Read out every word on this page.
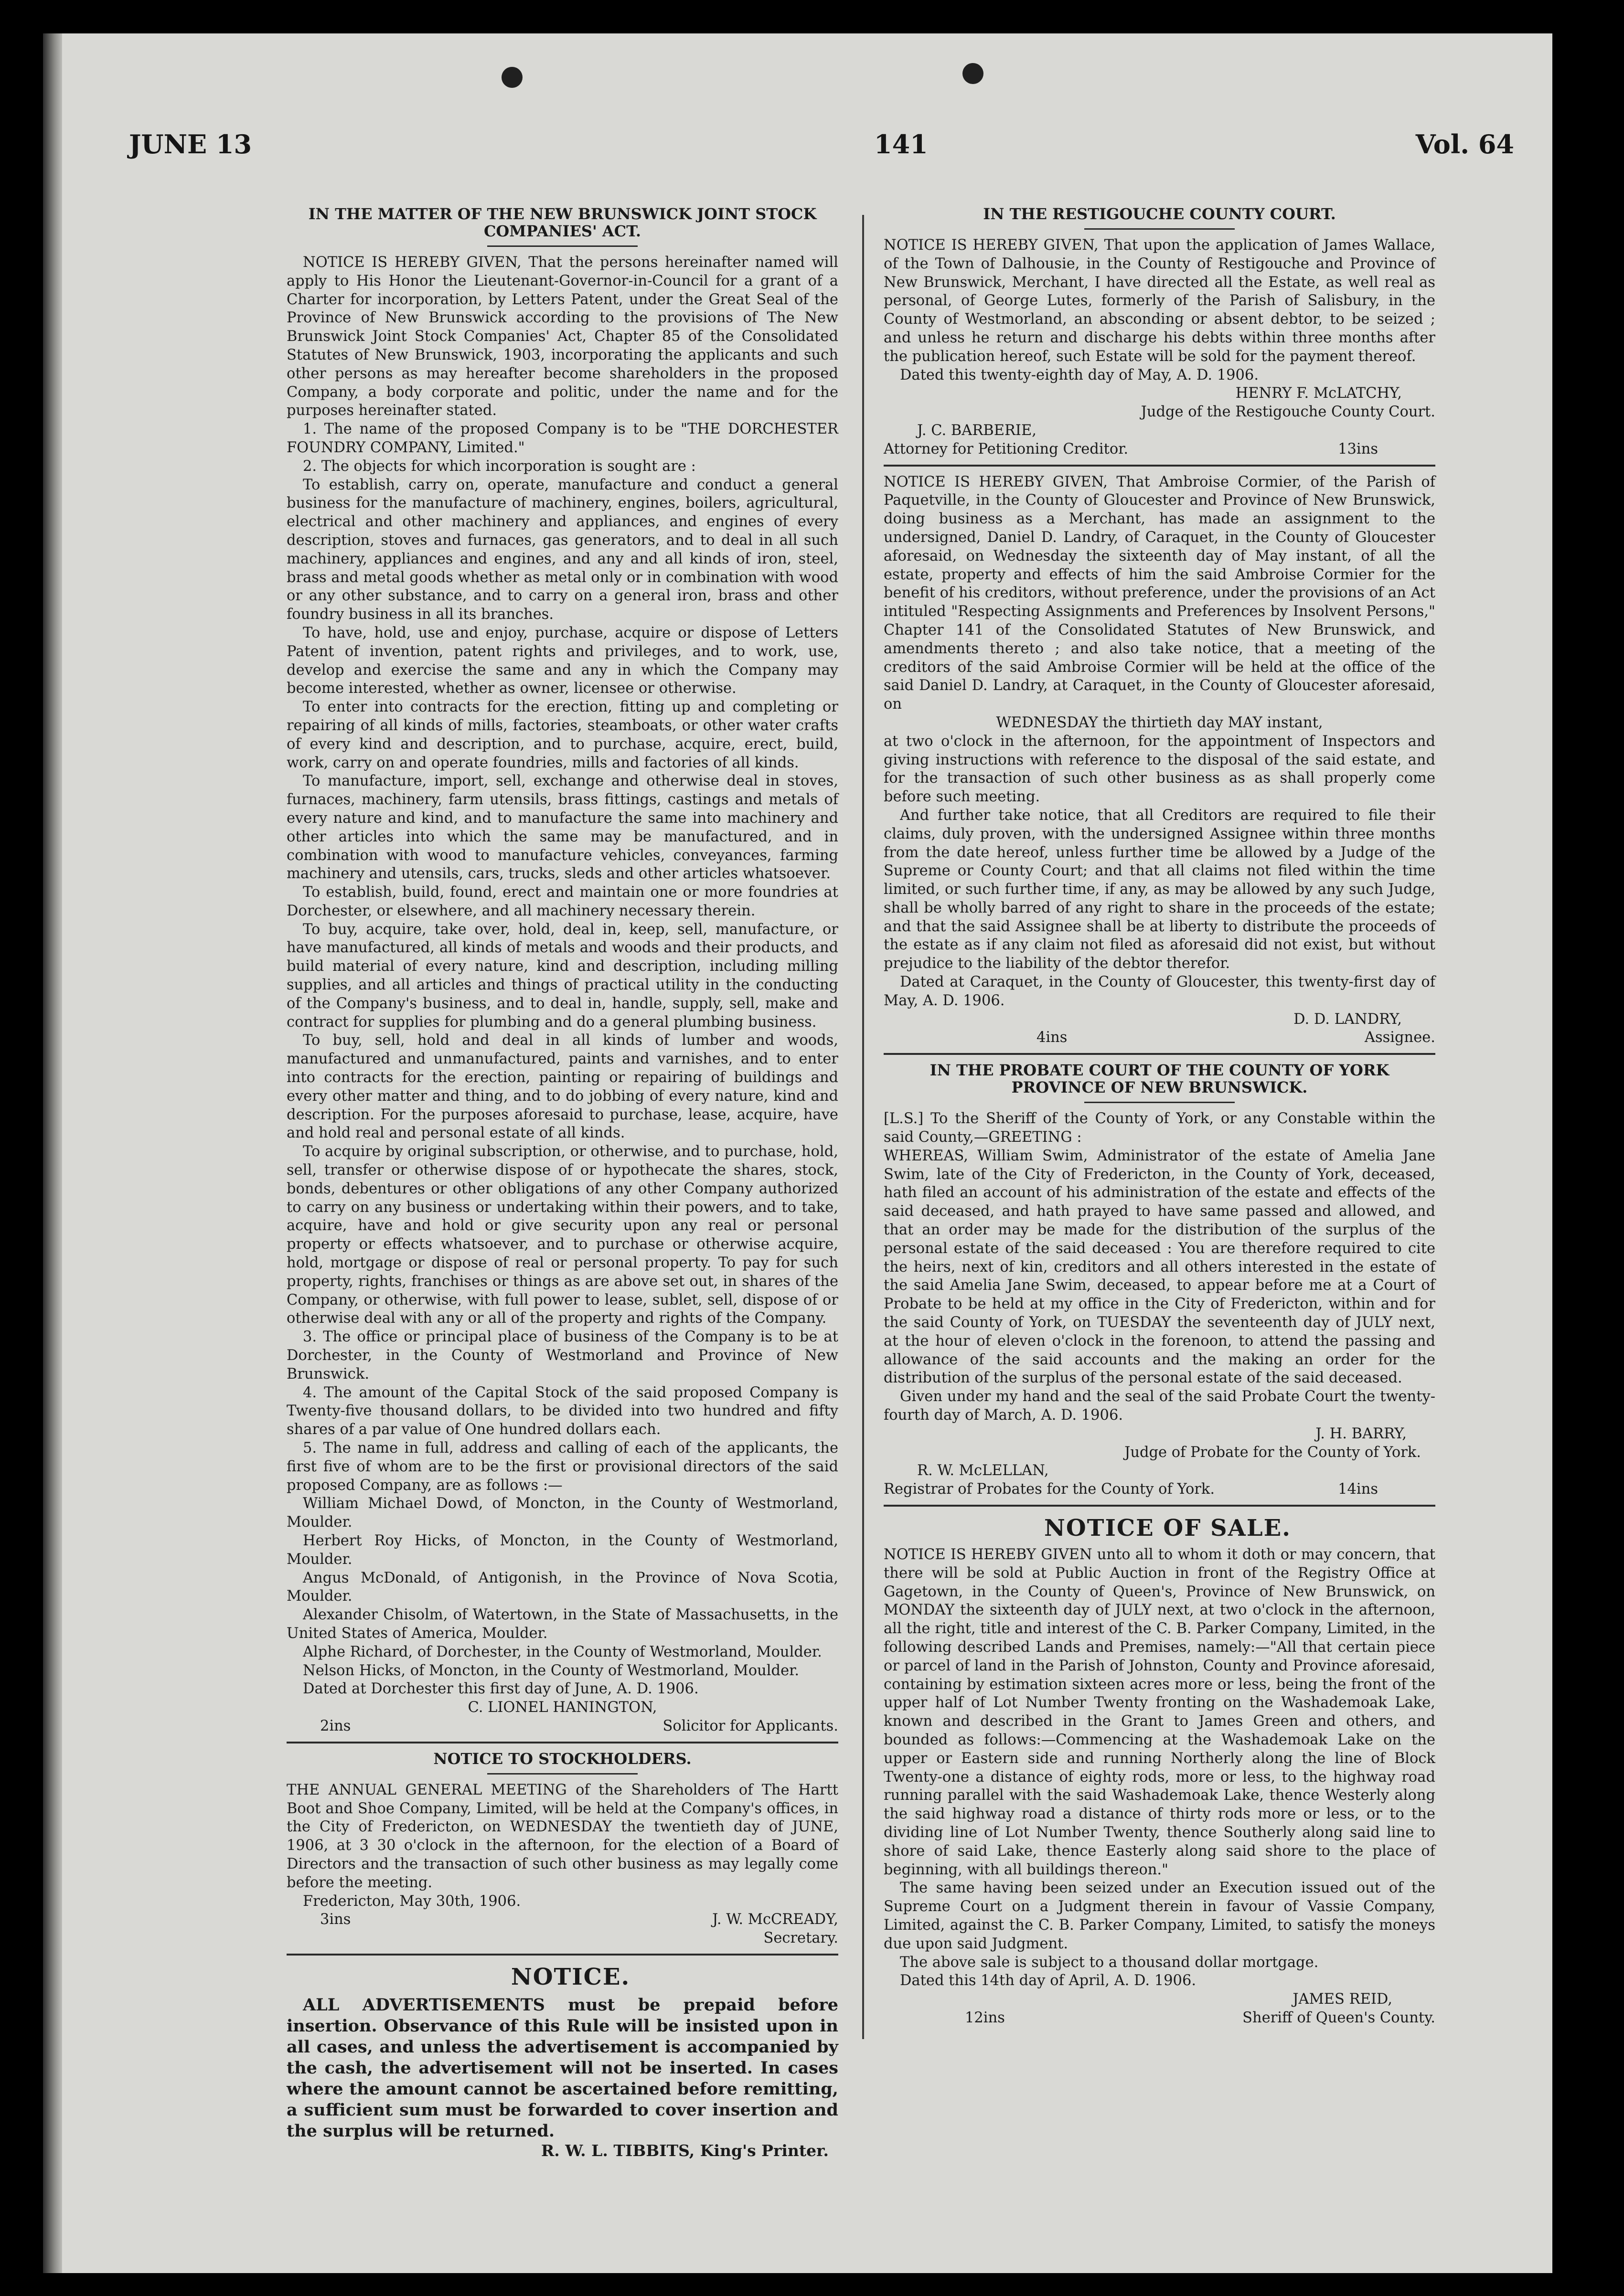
JUNE 13	141	Vol. 64

IN THE MATTER OF THE NEW BRUNSWICK JOINT STOCK COMPANIES' ACT.

NOTICE IS HEREBY GIVEN, That the persons hereinafter named will apply to His Honor the Lieutenant-Governor-in-Council for a grant of a Charter for incorporation, by Letters Patent, under the Great Seal of the Province of New Brunswick according to the provisions of The New Brunswick Joint Stock Companies' Act, Chapter 85 of the Consolidated Statutes of New Brunswick, 1903, incorporating the applicants and such other persons as may hereafter become shareholders in the proposed Company, a body corporate and politic, under the name and for the purposes hereinafter stated.

1. The name of the proposed Company is to be "THE DORCHESTER FOUNDRY COMPANY, Limited."

2. The objects for which incorporation is sought are :

To establish, carry on, operate, manufacture and conduct a general business for the manufacture of machinery, engines, boilers, agricultural, electrical and other machinery and appliances, and engines of every description, stoves and furnaces, gas generators, and to deal in all such machinery, appliances and engines, and any and all kinds of iron, steel, brass and metal goods whether as metal only or in combination with wood or any other substance, and to carry on a general iron, brass and other foundry business in all its branches.

To have, hold, use and enjoy, purchase, acquire or dispose of Letters Patent of invention, patent rights and privileges, and to work, use, develop and exercise the same and any in which the Company may become interested, whether as owner, licensee or otherwise.

To enter into contracts for the erection, fitting up and completing or repairing of all kinds of mills, factories, steamboats, or other water crafts of every kind and description, and to purchase, acquire, erect, build, work, carry on and operate foundries, mills and factories of all kinds.

To manufacture, import, sell, exchange and otherwise deal in stoves, furnaces, machinery, farm utensils, brass fittings, castings and metals of every nature and kind, and to manufacture the same into machinery and other articles into which the same may be manufactured, and in combination with wood to manufacture vehicles, conveyances, farming machinery and utensils, cars, trucks, sleds and other articles whatsoever.

To establish, build, found, erect and maintain one or more foundries at Dorchester, or elsewhere, and all machinery necessary therein.

To buy, acquire, take over, hold, deal in, keep, sell, manufacture, or have manufactured, all kinds of metals and woods and their products, and build material of every nature, kind and description, including milling supplies, and all articles and things of practical utility in the conducting of the Company's business, and to deal in, handle, supply, sell, make and contract for supplies for plumbing and do a general plumbing business.

To buy, sell, hold and deal in all kinds of lumber and woods, manufactured and unmanufactured, paints and varnishes, and to enter into contracts for the erection, painting or repairing of buildings and every other matter and thing, and to do jobbing of every nature, kind and description. For the purposes aforesaid to purchase, lease, acquire, have and hold real and personal estate of all kinds.

To acquire by original subscription, or otherwise, and to purchase, hold, sell, transfer or otherwise dispose of or hypothecate the shares, stock, bonds, debentures or other obligations of any other Company authorized to carry on any business or undertaking within their powers, and to take, acquire, have and hold or give security upon any real or personal property or effects whatsoever, and to purchase or otherwise acquire, hold, mortgage or dispose of real or personal property. To pay for such property, rights, franchises or things as are above set out, in shares of the Company, or otherwise, with full power to lease, sublet, sell, dispose of or otherwise deal with any or all of the property and rights of the Company.

3. The office or principal place of business of the Company is to be at Dorchester, in the County of Westmorland and Province of New Brunswick.

4. The amount of the Capital Stock of the said proposed Company is Twenty-five thousand dollars, to be divided into two hundred and fifty shares of a par value of One hundred dollars each.

5. The name in full, address and calling of each of the applicants, the first five of whom are to be the first or provisional directors of the said proposed Company, are as follows :—

William Michael Dowd, of Moncton, in the County of Westmorland, Moulder.

Herbert Roy Hicks, of Moncton, in the County of Westmorland, Moulder.

Angus McDonald, of Antigonish, in the Province of Nova Scotia, Moulder.

Alexander Chisolm, of Watertown, in the State of Massachusetts, in the United States of America, Moulder.

Alphe Richard, of Dorchester, in the County of Westmorland, Moulder.

Nelson Hicks, of Moncton, in the County of Westmorland, Moulder.

Dated at Dorchester this first day of June, A. D. 1906.

C. LIONEL HANINGTON,

2ins	Solicitor for Applicants.

NOTICE TO STOCKHOLDERS.

THE ANNUAL GENERAL MEETING of the Shareholders of The Hartt Boot and Shoe Company, Limited, will be held at the Company's offices, in the City of Fredericton, on WEDNESDAY the twentieth day of JUNE, 1906, at 3 30 o'clock in the afternoon, for the election of a Board of Directors and the transaction of such other business as may legally come before the meeting.

Fredericton, May 30th, 1906.

3ins	J. W. McCREADY,

Secretary.

NOTICE.

ALL ADVERTISEMENTS must be prepaid before insertion. Observance of this Rule will be insisted upon in all cases, and unless the advertisement is accompanied by the cash, the advertisement will not be inserted. In cases where the amount cannot be ascertained before remitting, a sufficient sum must be forwarded to cover insertion and the surplus will be returned.

R. W. L. TIBBITS, King's Printer.

IN THE RESTIGOUCHE COUNTY COURT.

NOTICE IS HEREBY GIVEN, That upon the application of James Wallace, of the Town of Dalhousie, in the County of Restigouche and Province of New Brunswick, Merchant, I have directed all the Estate, as well real as personal, of George Lutes, formerly of the Parish of Salisbury, in the County of Westmorland, an absconding or absent debtor, to be seized ; and unless he return and discharge his debts within three months after the publication hereof, such Estate will be sold for the payment thereof.

Dated this twenty-eighth day of May, A. D. 1906.

HENRY F. McLATCHY,

Judge of the Restigouche County Court.

J. C. BARBERIE,

Attorney for Petitioning Creditor.	13ins

NOTICE IS HEREBY GIVEN, That Ambroise Cormier, of the Parish of Paquetville, in the County of Gloucester and Province of New Brunswick, doing business as a Merchant, has made an assignment to the undersigned, Daniel D. Landry, of Caraquet, in the County of Gloucester aforesaid, on Wednesday the sixteenth day of May instant, of all the estate, property and effects of him the said Ambroise Cormier for the benefit of his creditors, without preference, under the provisions of an Act intituled "Respecting Assignments and Preferences by Insolvent Persons," Chapter 141 of the Consolidated Statutes of New Brunswick, and amendments thereto ; and also take notice, that a meeting of the creditors of the said Ambroise Cormier will be held at the office of the said Daniel D. Landry, at Caraquet, in the County of Gloucester aforesaid, on

WEDNESDAY the thirtieth day MAY instant,

at two o'clock in the afternoon, for the appointment of Inspectors and giving instructions with reference to the disposal of the said estate, and for the transaction of such other business as as shall properly come before such meeting.

And further take notice, that all Creditors are required to file their claims, duly proven, with the undersigned Assignee within three months from the date hereof, unless further time be allowed by a Judge of the Supreme or County Court; and that all claims not filed within the time limited, or such further time, if any, as may be allowed by any such Judge, shall be wholly barred of any right to share in the proceeds of the estate; and that the said Assignee shall be at liberty to distribute the proceeds of the estate as if any claim not filed as aforesaid did not exist, but without prejudice to the liability of the debtor therefor.

Dated at Caraquet, in the County of Gloucester, this twenty-first day of May, A. D. 1906.

D. D. LANDRY,

4ins	Assignee.

IN THE PROBATE COURT OF THE COUNTY OF YORK PROVINCE OF NEW BRUNSWICK.

[L.S.] To the Sheriff of the County of York, or any Constable within the said County,—GREETING :

WHEREAS, William Swim, Administrator of the estate of Amelia Jane Swim, late of the City of Fredericton, in the County of York, deceased, hath filed an account of his administration of the estate and effects of the said deceased, and hath prayed to have same passed and allowed, and that an order may be made for the distribution of the surplus of the personal estate of the said deceased : You are therefore required to cite the heirs, next of kin, creditors and all others interested in the estate of the said Amelia Jane Swim, deceased, to appear before me at a Court of Probate to be held at my office in the City of Fredericton, within and for the said County of York, on TUESDAY the seventeenth day of JULY next, at the hour of eleven o'clock in the forenoon, to attend the passing and allowance of the said accounts and the making an order for the distribution of the surplus of the personal estate of the said deceased.

Given under my hand and the seal of the said Probate Court the twenty-fourth day of March, A. D. 1906.

J. H. BARRY,

Judge of Probate for the County of York.

R. W. McLELLAN,

Registrar of Probates for the County of York.	14ins

NOTICE OF SALE.

NOTICE IS HEREBY GIVEN unto all to whom it doth or may concern, that there will be sold at Public Auction in front of the Registry Office at Gagetown, in the County of Queen's, Province of New Brunswick, on MONDAY the sixteenth day of JULY next, at two o'clock in the afternoon, all the right, title and interest of the C. B. Parker Company, Limited, in the following described Lands and Premises, namely:—"All that certain piece or parcel of land in the Parish of Johnston, County and Province aforesaid, containing by estimation sixteen acres more or less, being the front of the upper half of Lot Number Twenty fronting on the Washademoak Lake, known and described in the Grant to James Green and others, and bounded as follows:—Commencing at the Washademoak Lake on the upper or Eastern side and running Northerly along the line of Block Twenty-one a distance of eighty rods, more or less, to the highway road running parallel with the said Washademoak Lake, thence Westerly along the said highway road a distance of thirty rods more or less, or to the dividing line of Lot Number Twenty, thence Southerly along said line to shore of said Lake, thence Easterly along said shore to the place of beginning, with all buildings thereon."

The same having been seized under an Execution issued out of the Supreme Court on a Judgment therein in favour of Vassie Company, Limited, against the C. B. Parker Company, Limited, to satisfy the moneys due upon said Judgment.

The above sale is subject to a thousand dollar mortgage.

Dated this 14th day of April, A. D. 1906.

JAMES REID,

12ins	Sheriff of Queen's County.
